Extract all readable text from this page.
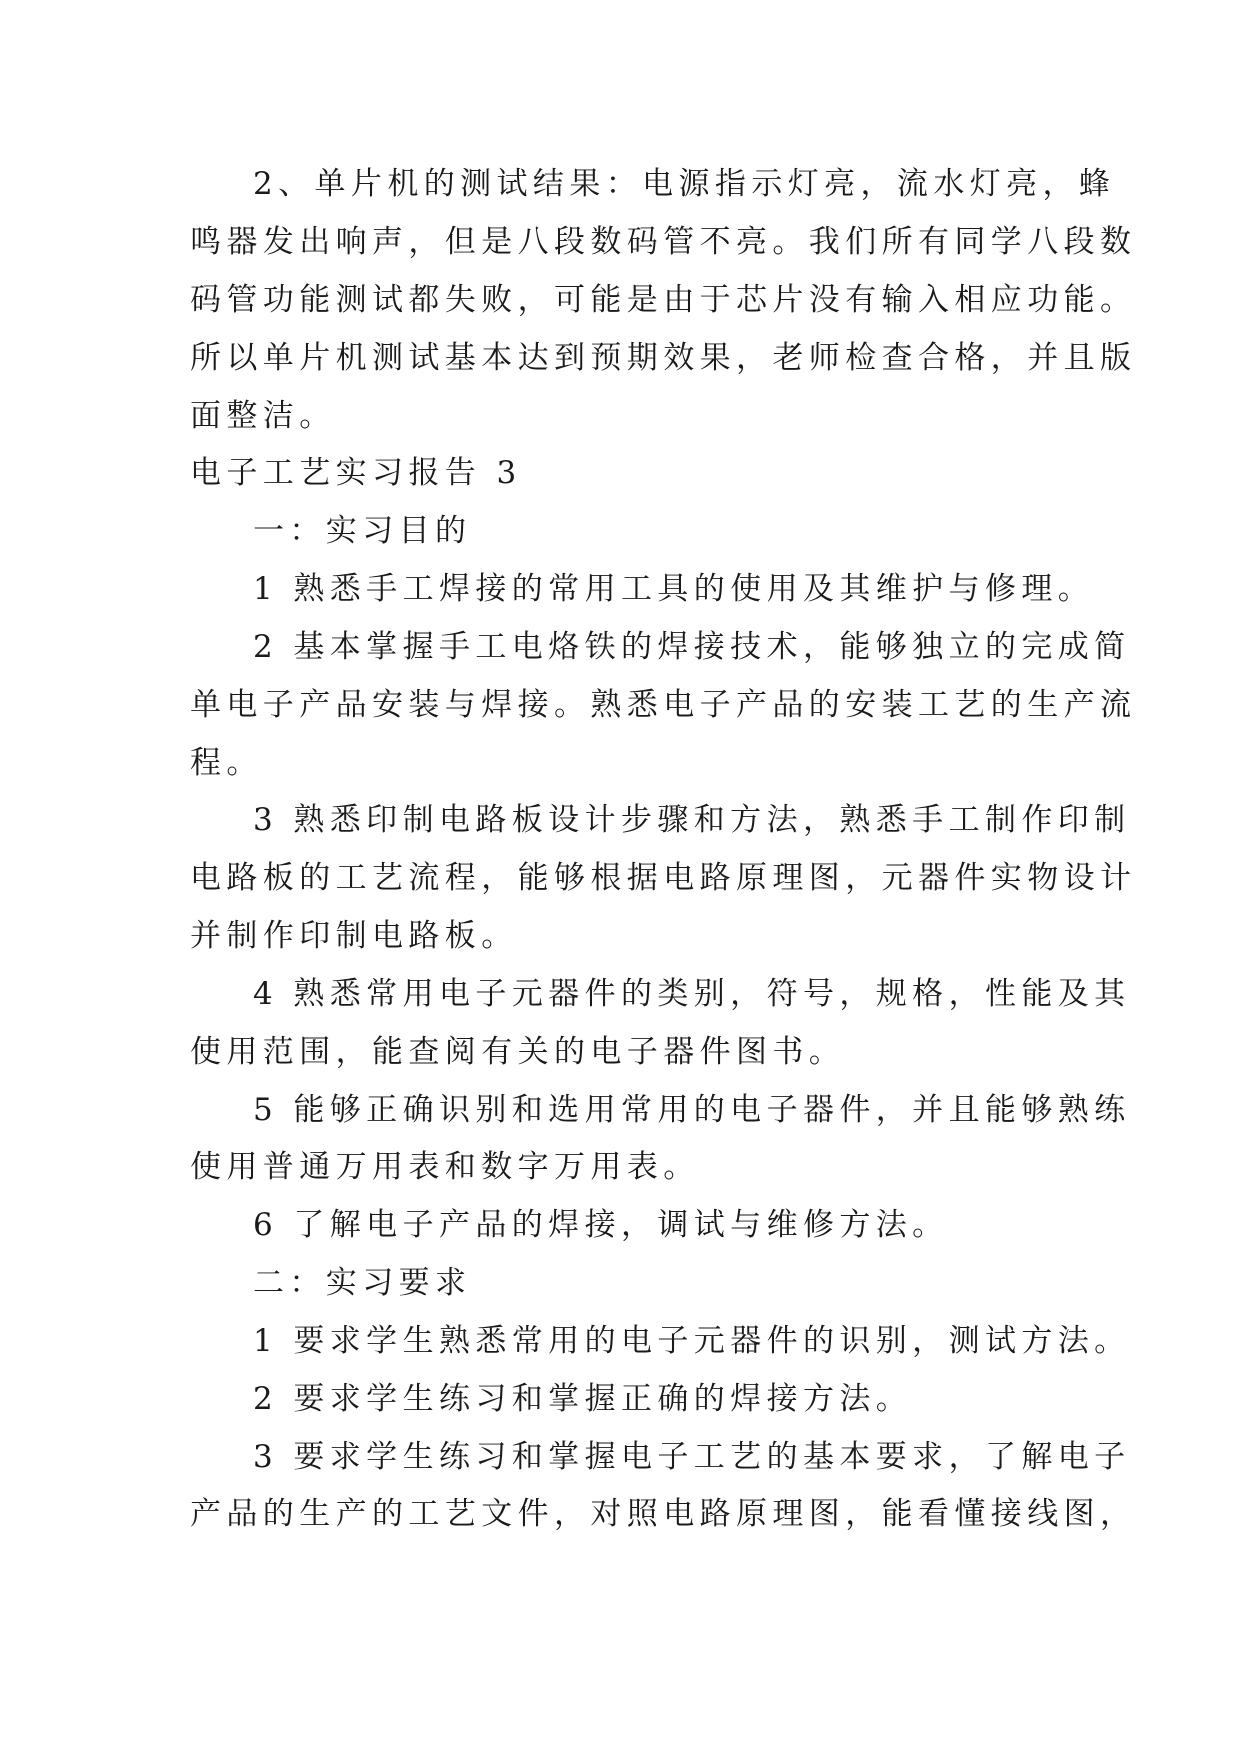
2、单片机的测试结果：电源指示灯亮，流水灯亮，蜂

鸣器发出响声，但是八段数码管不亮。我们所有同学八段数

码管功能测试都失败，可能是由于芯片没有输入相应功能。

所以单片机测试基本达到预期效果，老师检查合格，并且版

面整洁。

电子工艺实习报告 3

一：实习目的

1 熟悉手工焊接的常用工具的使用及其维护与修理。

2 基本掌握手工电烙铁的焊接技术，能够独立的完成简

单电子产品安装与焊接。熟悉电子产品的安装工艺的生产流

程。

3 熟悉印制电路板设计步骤和方法，熟悉手工制作印制

电路板的工艺流程，能够根据电路原理图，元器件实物设计

并制作印制电路板。

4 熟悉常用电子元器件的类别，符号，规格，性能及其

使用范围，能查阅有关的电子器件图书。

5 能够正确识别和选用常用的电子器件，并且能够熟练

使用普通万用表和数字万用表。

6 了解电子产品的焊接，调试与维修方法。

二：实习要求

1 要求学生熟悉常用的电子元器件的识别，测试方法。

2 要求学生练习和掌握正确的焊接方法。

3 要求学生练习和掌握电子工艺的基本要求，了解电子

产品的生产的工艺文件，对照电路原理图，能看懂接线图，
